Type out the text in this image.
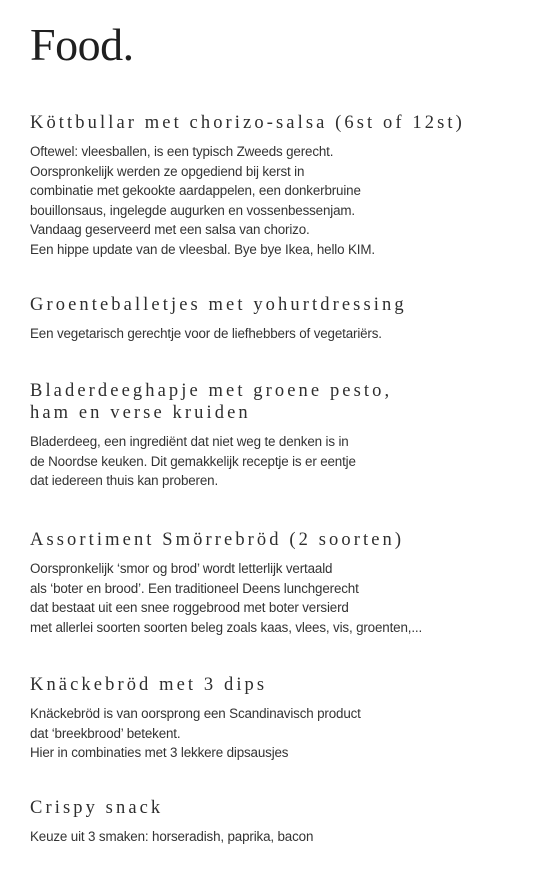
Food.
Köttbullar met chorizo-salsa (6st of 12st)

Oftewel: vleesballen, is een typisch Zweeds gerecht.
Oorspronkelijk werden ze opgediend bij kerst in
combinatie met gekookte aardappelen, een donkerbruine
bouillonsaus, ingelegde augurken en vossenbessenjam.
Vandaag geserveerd met een salsa van chorizo.
Een hippe update van de vleesbal. Bye bye Ikea, hello KIM.

Groenteballetjes met yohurtdressing

Een vegetarisch gerechtje voor de liefhebbers of vegetariërs.

Bladerdeeghapje met groene pesto,
ham en verse kruiden

Bladerdeeg, een ingrediënt dat niet weg te denken is in
de Noordse keuken. Dit gemakkelijk receptje is er eentje
dat iedereen thuis kan proberen.

Assortiment Smörrebröd (2 soorten)

Oorspronkelijk ‘smor og brod’ wordt letterlijk vertaald
als ‘boter en brood’. Een traditioneel Deens lunchgerecht
dat bestaat uit een snee roggebrood met boter versierd
met allerlei soorten soorten beleg zoals kaas, vlees, vis, groenten,...

Knäckebröd met 3 dips

Knäckebröd is van oorsprong een Scandinavisch product
dat ‘breekbrood’ betekent.
Hier in combinaties met 3 lekkere dipsausjes

Crispy snack

Keuze uit 3 smaken: horseradish, paprika, bacon
